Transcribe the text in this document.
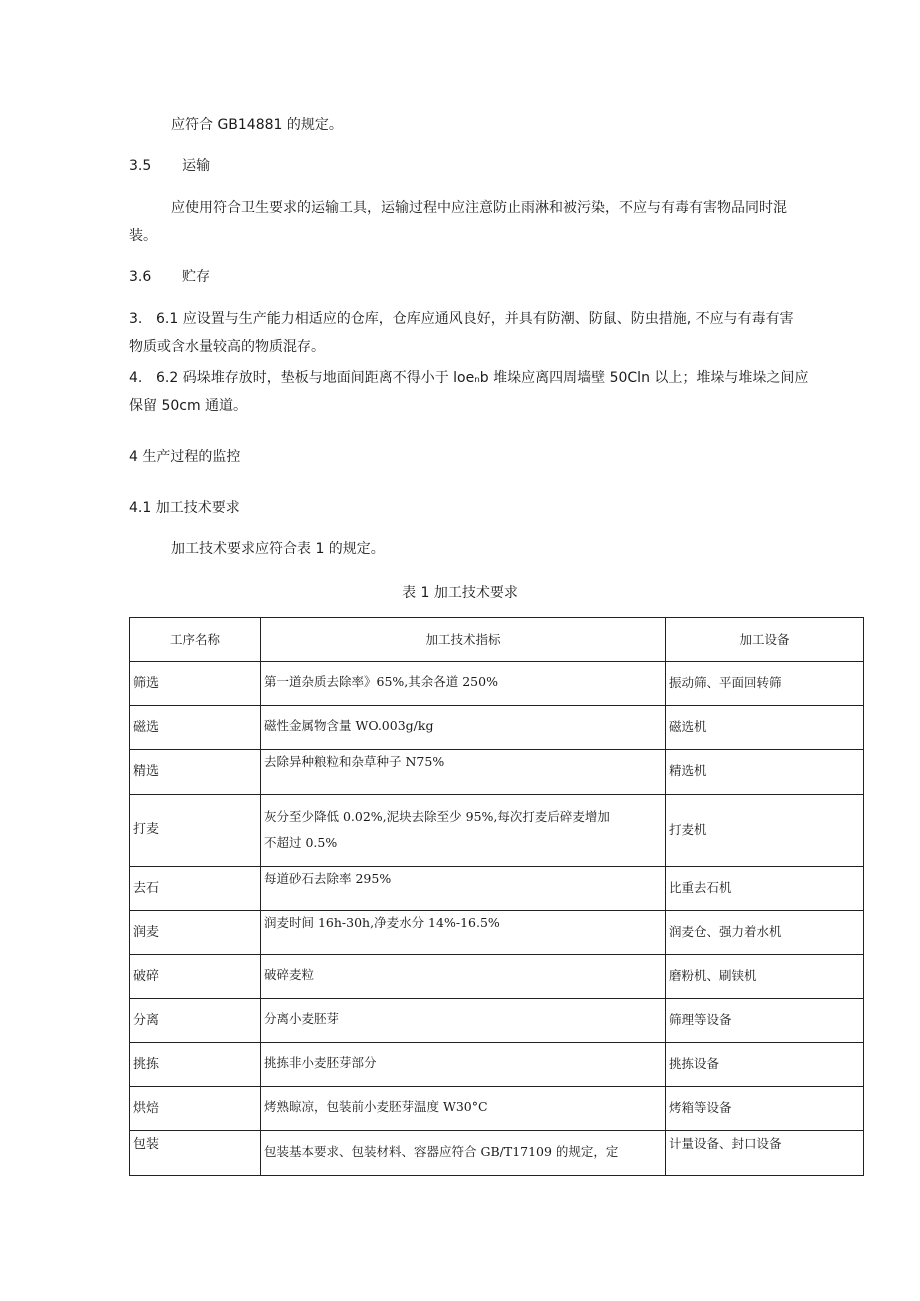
应符合 GB14881 的规定。
3.5 运输
应使用符合卫生要求的运输工具，运输过程中应注意防止雨淋和被污染，不应与有毒有害物品同时混
装。
3.6 贮存
3. 6.1 应设置与生产能力相适应的仓库，仓库应通风良好，并具有防潮、防鼠、防虫措施, 不应与有毒有害
物质或含水量较高的物质混存。
4. 6.2 码垛堆存放时，垫板与地面间距离不得小于 loeₙb 堆垛应离四周墙壁 50Cln 以上；堆垛与堆垛之间应
保留 50cm 通道。
4 生产过程的监控
4.1 加工技术要求
加工技术要求应符合表 1 的规定。
表 1 加工技术要求
工序名称	加工技术指标	加工设备
筛选	第一道杂质去除率》65%,其余各道 250%	振动筛、平面回转筛
磁选	磁性金属物含量 WO.003g/kg	磁选机
精选	去除异种粮粒和杂草种子 N75%	精选机
打麦	灰分至少降低 0.02%,泥块去除至少 95%,每次打麦后碎麦增加
不超过 0.5%	打麦机
去石	每道砂石去除率 295%	比重去石机
润麦	润麦时间 16h-30h,净麦水分 14%-16.5%	润麦仓、强力着水机
破碎	破碎麦粒	磨粉机、刷铗机
分离	分离小麦胚芽	筛理等设备
挑拣	挑拣非小麦胚芽部分	挑拣设备
烘焙	烤熟晾凉，包装前小麦胚芽温度 W30°C	烤箱等设备
包装	包装基本要求、包装材料、容器应符合 GB/T17109 的规定，定	计量设备、封口设备
